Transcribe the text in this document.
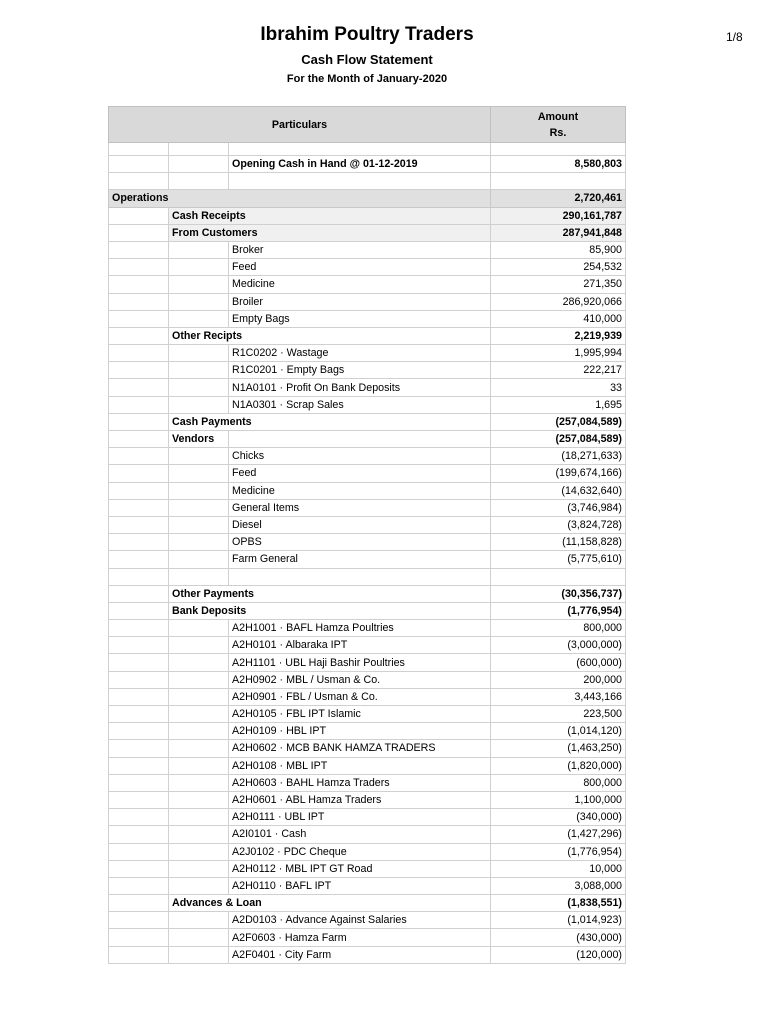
Ibrahim Poultry Traders
Cash Flow Statement
For the Month of January-2020
1/8
Particulars			Amount
Rs.

		Opening Cash in Hand @ 01-12-2019	8,580,803

Operations			2,720,461
	Cash Receipts		290,161,787
	From Customers		287,941,848
		Broker	85,900
		Feed	254,532
		Medicine	271,350
		Broiler	286,920,066
		Empty Bags	410,000
	Other Recipts		2,219,939
		R1C0202 · Wastage	1,995,994
		R1C0201 · Empty Bags	222,217
		N1A0101 · Profit On Bank Deposits	33
		N1A0301 · Scrap Sales	1,695
	Cash Payments		(257,084,589)
	Vendors		(257,084,589)
		Chicks	(18,271,633)
		Feed	(199,674,166)
		Medicine	(14,632,640)
		General Items	(3,746,984)
		Diesel	(3,824,728)
		OPBS	(11,158,828)
		Farm General	(5,775,610)

	Other Payments		(30,356,737)
	Bank Deposits		(1,776,954)
		A2H1001 · BAFL Hamza Poultries	800,000
		A2H0101 · Albaraka IPT	(3,000,000)
		A2H1101 · UBL Haji Bashir Poultries	(600,000)
		A2H0902 · MBL / Usman & Co.	200,000
		A2H0901 · FBL / Usman & Co.	3,443,166
		A2H0105 · FBL IPT Islamic	223,500
		A2H0109 · HBL IPT	(1,014,120)
		A2H0602 · MCB BANK HAMZA TRADERS	(1,463,250)
		A2H0108 · MBL IPT	(1,820,000)
		A2H0603 · BAHL Hamza Traders	800,000
		A2H0601 · ABL Hamza Traders	1,100,000
		A2H0111 · UBL IPT	(340,000)
		A2I0101 · Cash	(1,427,296)
		A2J0102 · PDC Cheque	(1,776,954)
		A2H0112 · MBL IPT GT Road	10,000
		A2H0110 · BAFL IPT	3,088,000
	Advances & Loan		(1,838,551)
		A2D0103 · Advance Against Salaries	(1,014,923)
		A2F0603 · Hamza Farm	(430,000)
		A2F0401 · City Farm	(120,000)
